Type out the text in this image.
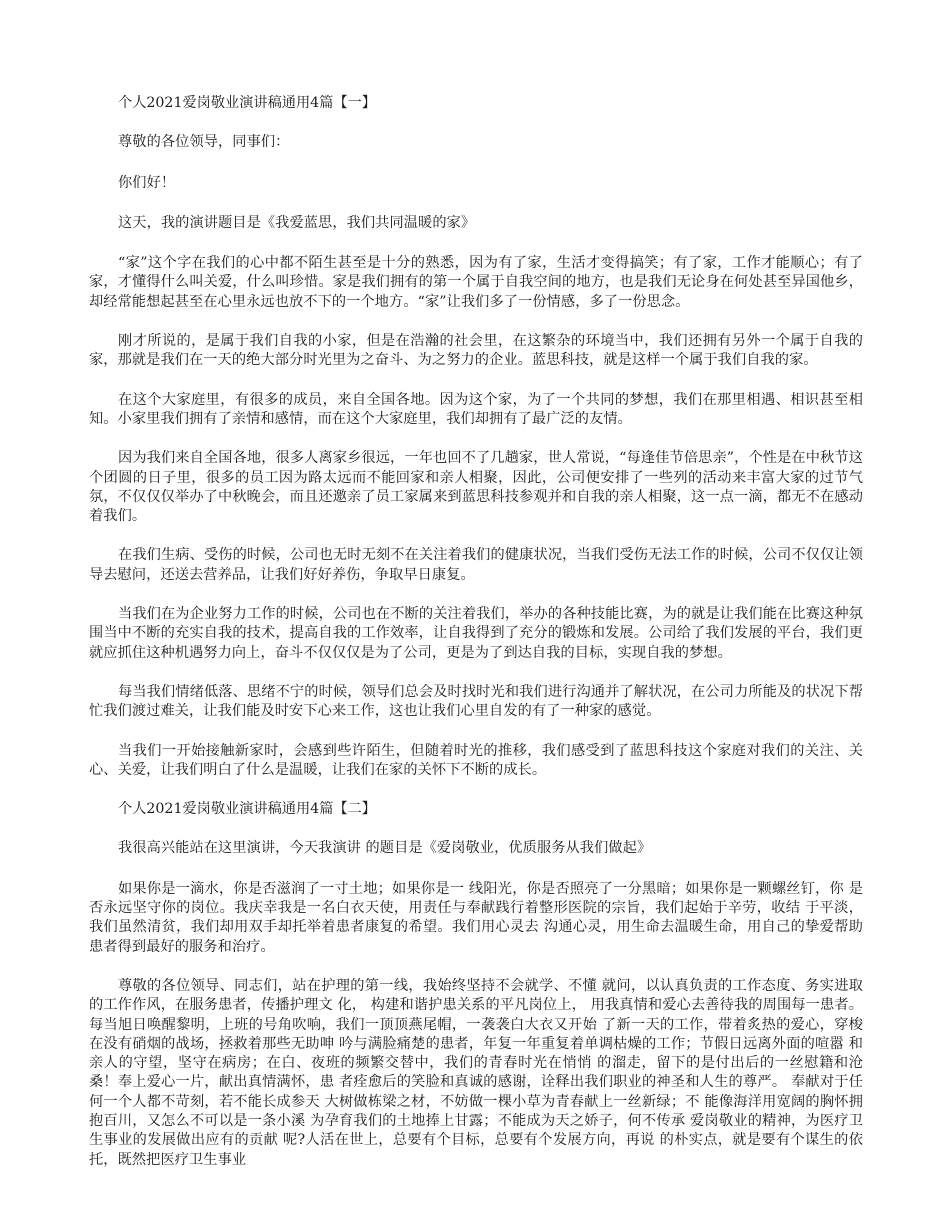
个人2021爱岗敬业演讲稿通用4篇【一】

尊敬的各位领导，同事们：

你们好！

这天，我的演讲题目是《我爱蓝思，我们共同温暖的家》

“家”这个字在我们的心中都不陌生甚至是十分的熟悉，因为有了家，生活才变得搞笑；有了家，工作才能顺心；有了家，才懂得什么叫关爱，什么叫珍惜。家是我们拥有的第一个属于自我空间的地方，也是我们无论身在何处甚至异国他乡，却经常能想起甚至在心里永远也放不下的一个地方。“家”让我们多了一份情感，多了一份思念。

刚才所说的，是属于我们自我的小家，但是在浩瀚的社会里，在这繁杂的环境当中，我们还拥有另外一个属于自我的家，那就是我们在一天的绝大部分时光里为之奋斗、为之努力的企业。蓝思科技，就是这样一个属于我们自我的家。

在这个大家庭里，有很多的成员，来自全国各地。因为这个家，为了一个共同的梦想，我们在那里相遇、相识甚至相知。小家里我们拥有了亲情和感情，而在这个大家庭里，我们却拥有了最广泛的友情。

因为我们来自全国各地，很多人离家乡很远，一年也回不了几趟家，世人常说，“每逢佳节倍思亲”，个性是在中秋节这个团圆的日子里，很多的员工因为路太远而不能回家和亲人相聚，因此，公司便安排了一些列的活动来丰富大家的过节气氛，不仅仅仅举办了中秋晚会，而且还邀亲了员工家属来到蓝思科技参观并和自我的亲人相聚，这一点一滴，都无不在感动着我们。

在我们生病、受伤的时候，公司也无时无刻不在关注着我们的健康状况，当我们受伤无法工作的时候，公司不仅仅让领导去慰问，还送去营养品，让我们好好养伤，争取早日康复。

当我们在为企业努力工作的时候，公司也在不断的关注着我们，举办的各种技能比赛，为的就是让我们能在比赛这种氛围当中不断的充实自我的技术，提高自我的工作效率，让自我得到了充分的锻炼和发展。公司给了我们发展的平台，我们更就应抓住这种机遇努力向上，奋斗不仅仅仅是为了公司，更是为了到达自我的目标，实现自我的梦想。

每当我们情绪低落、思绪不宁的时候，领导们总会及时找时光和我们进行沟通并了解状况，在公司力所能及的状况下帮忙我们渡过难关，让我们能及时安下心来工作，这也让我们心里自发的有了一种家的感觉。

当我们一开始接触新家时，会感到些许陌生，但随着时光的推移，我们感受到了蓝思科技这个家庭对我们的关注、关心、关爱，让我们明白了什么是温暖，让我们在家的关怀下不断的成长。

个人2021爱岗敬业演讲稿通用4篇【二】

我很高兴能站在这里演讲，今天我演讲 的题目是《爱岗敬业，优质服务从我们做起》

如果你是一滴水，你是否滋润了一寸土地；如果你是一 线阳光，你是否照亮了一分黑暗；如果你是一颗螺丝钉，你 是否永远坚守你的岗位。我庆幸我是一名白衣天使，用责任与奉献践行着整形医院的宗旨，我们起始于辛劳，收结 于平淡，我们虽然清贫，我们却用双手却托举着患者康复的希望。我们用心灵去 沟通心灵，用生命去温暖生命，用自己的挚爱帮助患者得到最好的服务和治疗。

尊敬的各位领导、同志们，站在护理的第一线，我始终坚持不会就学、不懂 就问，以认真负责的工作态度、务实进取的工作作风，在服务患者，传播护理文 化， 构建和谐护患关系的平凡岗位上， 用我真情和爱心去善待我的周围每一患者。 每当旭日唤醒黎明，上班的号角吹响，我们一顶顶燕尾帽，一袭袭白大衣又开始 了新一天的工作，带着炙热的爱心，穿梭在没有硝烟的战场，拯救着那些无助呻 吟与满脸痛楚的患者，年复一年重复着单调枯燥的工作；节假日远离外面的喧嚣 和亲人的守望，坚守在病房；在白、夜班的频繁交替中，我们的青春时光在悄悄 的溜走，留下的是付出后的一丝慰籍和沧桑！奉上爱心一片，献出真情满怀，患 者痊愈后的笑脸和真诚的感谢，诠释出我们职业的神圣和人生的尊严。 奉献对于任何一个人都不苛刻，若不能长成参天 大树做栋梁之材，不妨做一棵小草为青春献上一丝新绿；不 能像海洋用宽阔的胸怀拥抱百川，又怎么不可以是一条小溪 为孕育我们的土地捧上甘露；不能成为天之娇子，何不传承 爱岗敬业的精神，为医疗卫生事业的发展做出应有的贡献 呢?人活在世上，总要有个目标，总要有个发展方向，再说 的朴实点，就是要有个谋生的依托，既然把医疗卫生事业
